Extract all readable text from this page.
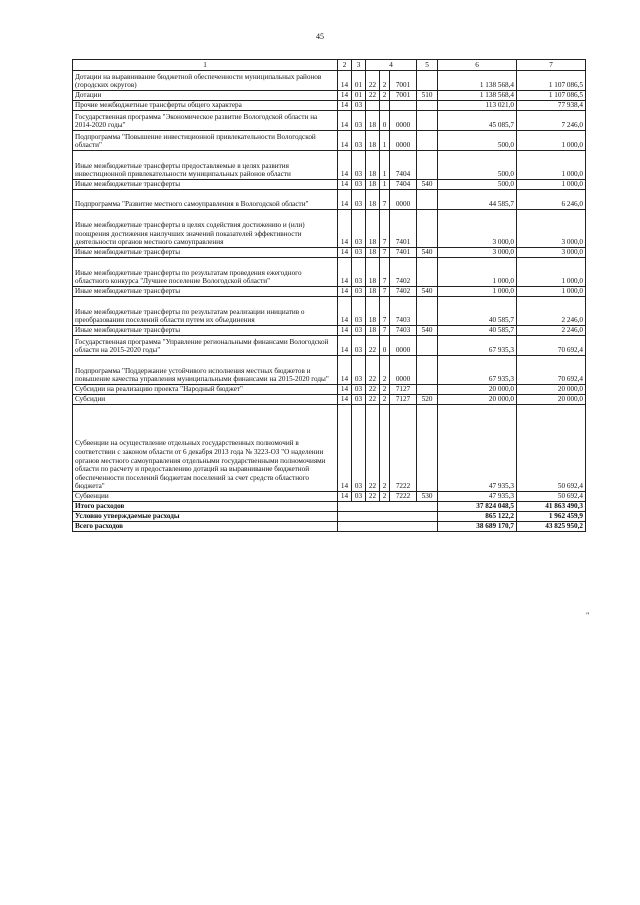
45
1	2	3	4			5	6	7
Дотации на выравнивание бюджетной обеспеченности муниципальных районов (городских округов)	14	01	22	2	7001		1 138 568,4	1 107 086,5
Дотации	14	01	22	2	7001	510	1 138 568,4	1 107 086,5
Прочие межбюджетные трансферты общего характера	14	03					113 021,0	77 938,4
Государственная программа "Экономическое развитие Вологодской области на 2014-2020 годы"	14	03	18	0	0000		45 085,7	7 246,0
Подпрограмма "Повышение инвестиционной привлекательности Вологодской области"	14	03	18	1	0000		500,0	1 000,0
Иные межбюджетные трансферты предоставляемые в целях развития инвестиционной привлекательности муниципальных районов области	14	03	18	1	7404		500,0	1 000,0
Иные межбюджетные трансферты	14	03	18	1	7404	540	500,0	1 000,0
Подпрограмма "Развитие местного самоуправления в Вологодской области"	14	03	18	7	0000		44 585,7	6 246,0
Иные межбюджетные трансферты в целях содействия достижению и (или) поощрения достижения наилучших значений показателей эффективности деятельности органов местного самоуправления	14	03	18	7	7401		3 000,0	3 000,0
Иные межбюджетные трансферты	14	03	18	7	7401	540	3 000,0	3 000,0
Иные межбюджетные трансферты по результатам проведения ежегодного областного конкурса "Лучшее поселение Вологодской области"	14	03	18	7	7402		1 000,0	1 000,0
Иные межбюджетные трансферты	14	03	18	7	7402	540	1 000,0	1 000,0
Иные межбюджетные трансферты по результатам реализации инициатив о преобразовании поселений области путем их объединения	14	03	18	7	7403		40 585,7	2 246,0
Иные межбюджетные трансферты	14	03	18	7	7403	540	40 585,7	2 246,0
Государственная программа "Управление региональными финансами Вологодской области на 2015-2020 годы"	14	03	22	0	0000		67 935,3	70 692,4
Подпрограмма "Поддержание устойчивого исполнения местных бюджетов и повышение качества управления муниципальными финансами на 2015-2020 годы"	14	03	22	2	0000		67 935,3	70 692,4
Субсидии на реализацию проекта "Народный бюджет"	14	03	22	2	7127		20 000,0	20 000,0
Субсидии	14	03	22	2	7127	520	20 000,0	20 000,0
Субвенции на осуществление отдельных государственных полномочий в соответствии с законом области от 6 декабря 2013 года № 3223-ОЗ "О наделении органов местного самоуправления отдельными государственными полномочиями области по расчету и предоставлению дотаций на выравнивание бюджетной обеспеченности поселений бюджетам поселений за счет средств областного бюджета"	14	03	22	2	7222		47 935,3	50 692,4
Субвенции	14	03	22	2	7222	530	47 935,3	50 692,4
Итого расходов							37 824 048,5	41 863 490,3
Условно утверждаемые расходы							865 122,2	1 962 459,9
Всего расходов							38 689 170,7	43 825 950,2
"
